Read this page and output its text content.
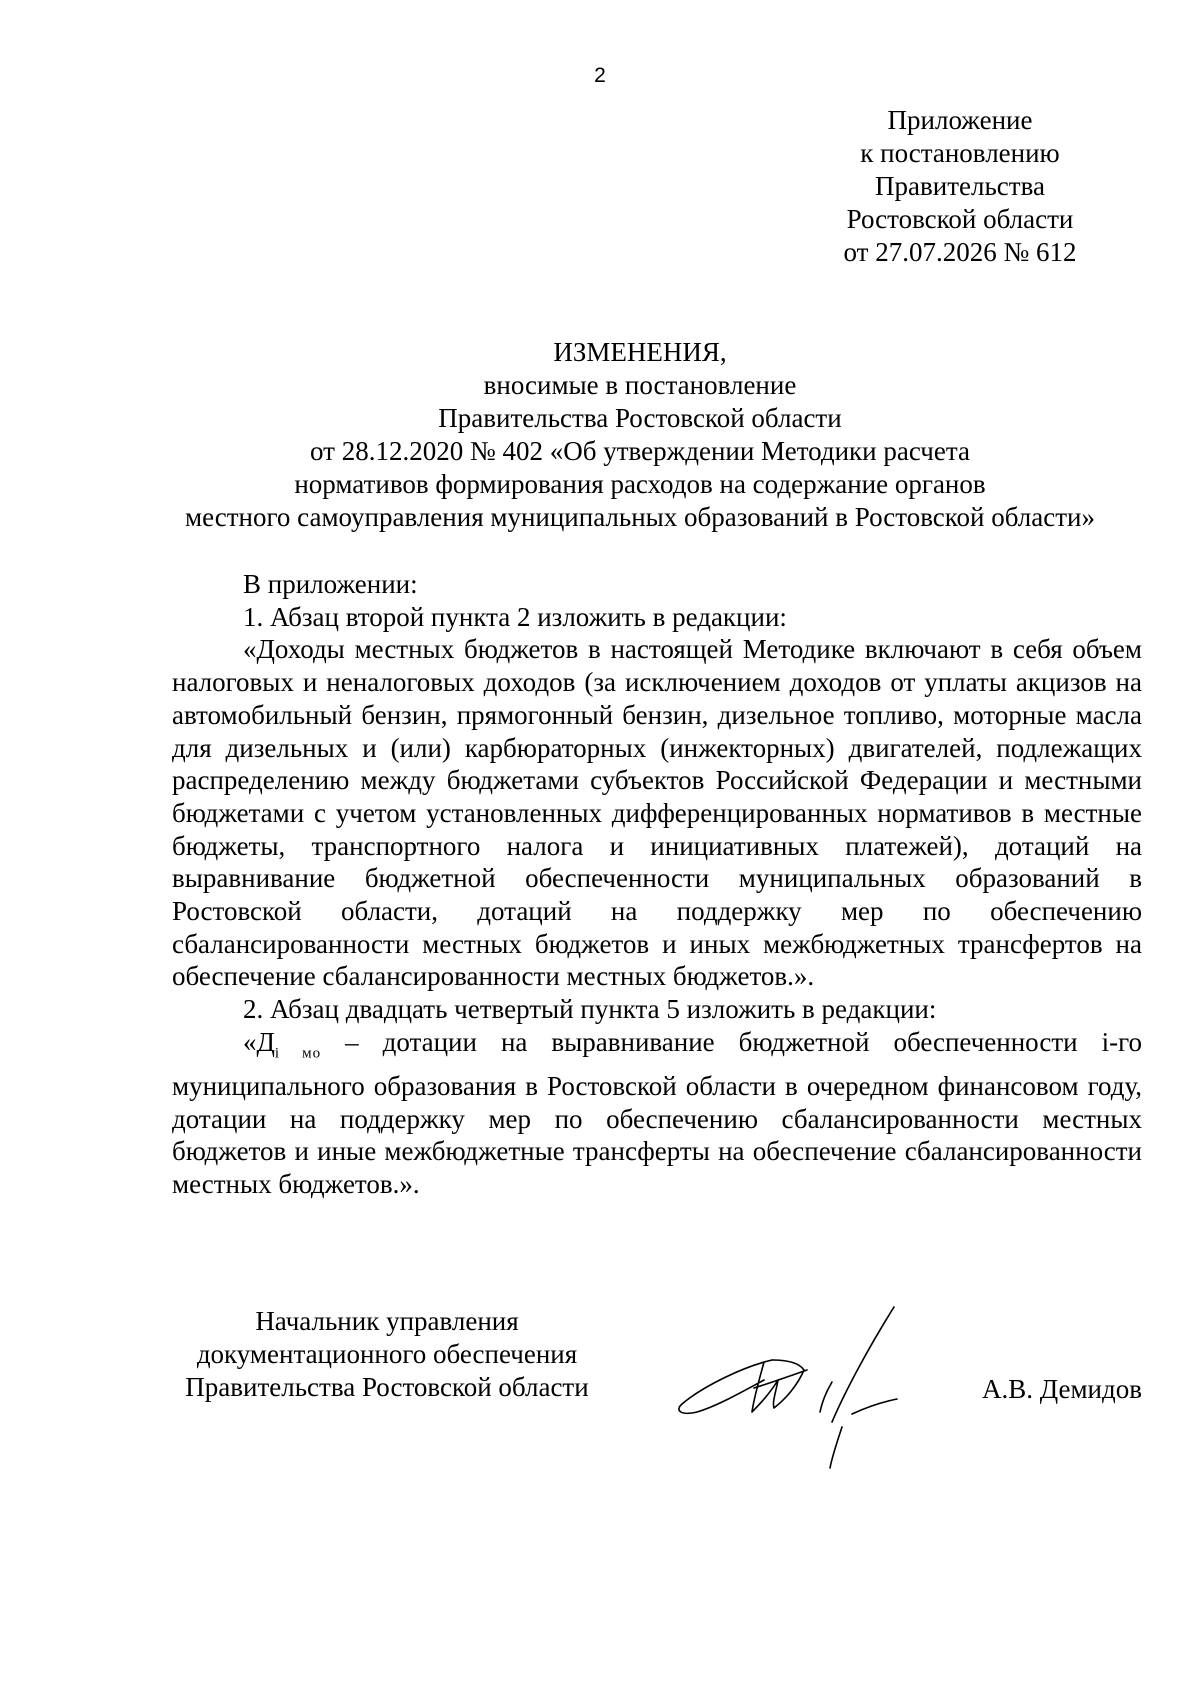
2
Приложение
к постановлению
Правительства
Ростовской области
от 27.07.2026 № 612
ИЗМЕНЕНИЯ,
вносимые в постановление
Правительства Ростовской области
от 28.12.2020 № 402 «Об утверждении Методики расчета
нормативов формирования расходов на содержание органов
местного самоуправления муниципальных образований в Ростовской области»

В приложении:

1. Абзац второй пункта 2 изложить в редакции:

«Доходы местных бюджетов в настоящей Методике включают в себя объем налоговых и неналоговых доходов (за исключением доходов от уплаты акцизов на автомобильный бензин, прямогонный бензин, дизельное топливо, моторные масла для дизельных и (или) карбюраторных (инжекторных) двигателей, подлежащих распределению между бюджетами субъектов Российской Федерации и местными бюджетами с учетом установленных дифференцированных нормативов в местные бюджеты, транспортного налога и инициативных платежей), дотаций на выравнивание бюджетной обеспеченности муниципальных образований в Ростовской области, дотаций на поддержку мер по обеспечению сбалансированности местных бюджетов и иных межбюджетных трансфертов на обеспечение сбалансированности местных бюджетов.».

2. Абзац двадцать четвертый пункта 5 изложить в редакции:

«$Д_{i мо}$ – дотации на выравнивание бюджетной обеспеченности i-го муниципального образования в Ростовской области в очередном финансовом году, дотации на поддержку мер по обеспечению сбалансированности местных бюджетов и иные межбюджетные трансферты на обеспечение сбалансированности местных бюджетов.».

Начальник управления
документационного обеспечения
Правительства Ростовской области	А.В. Демидов
